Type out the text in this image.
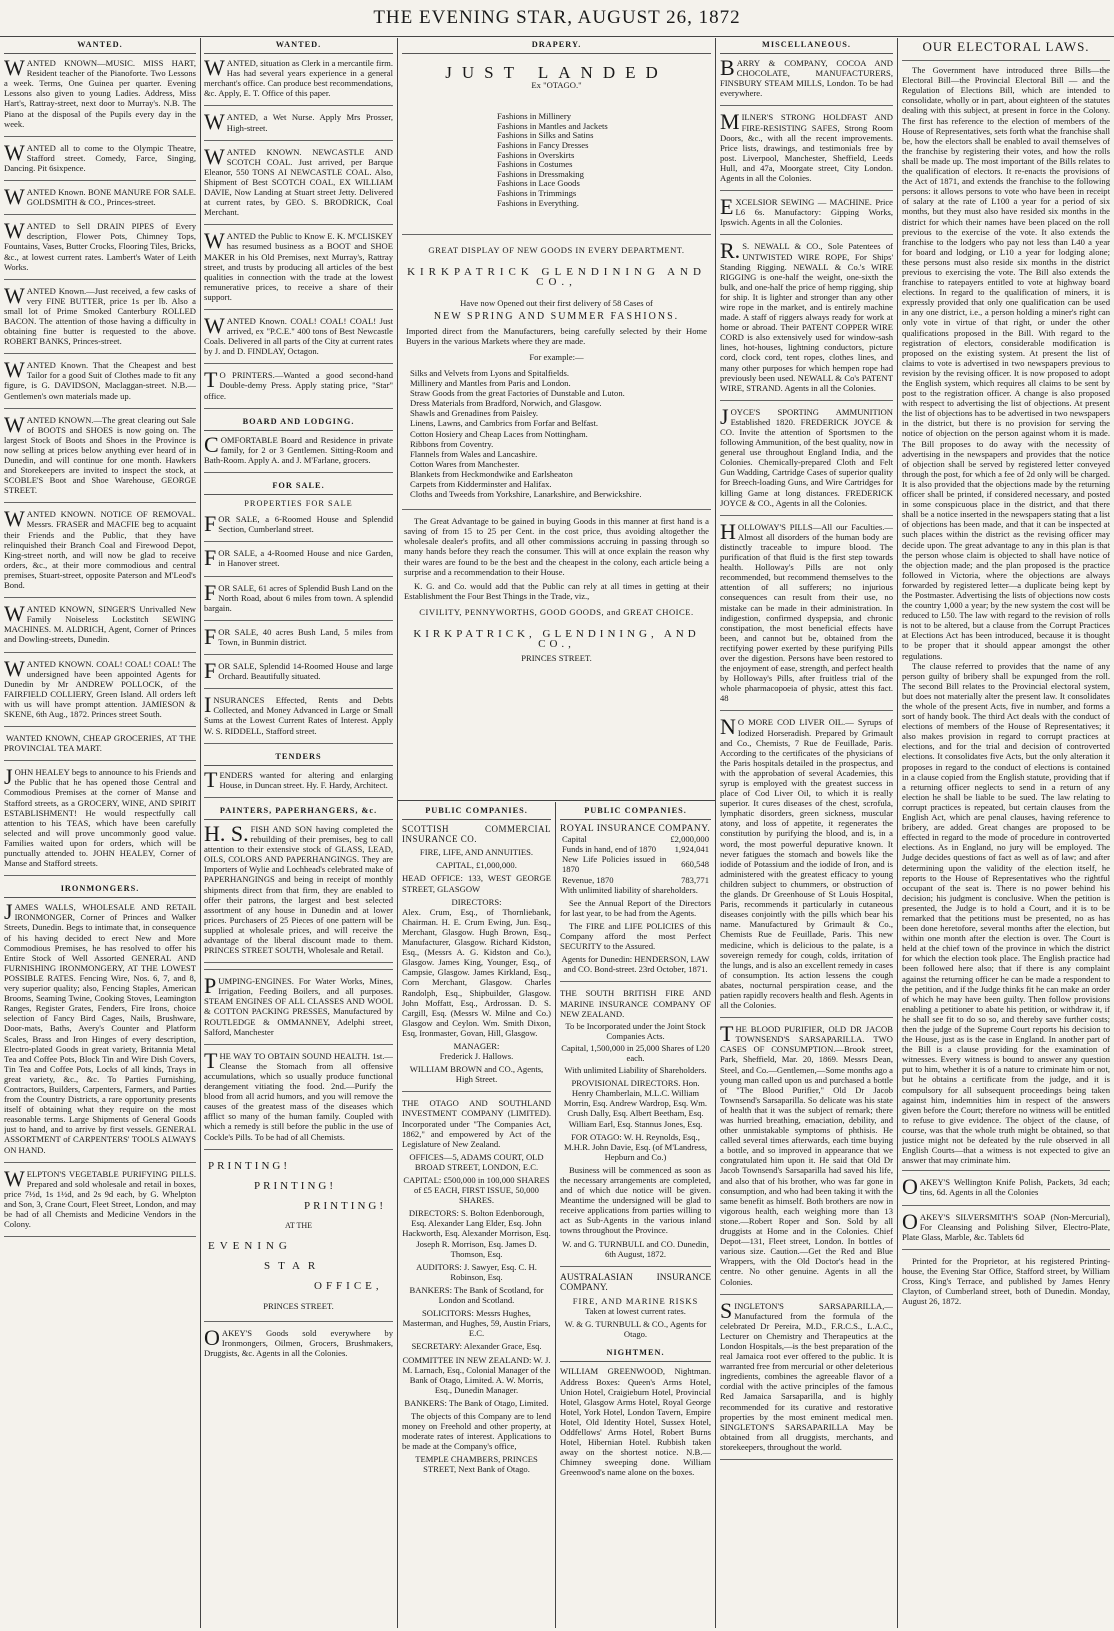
THE EVENING STAR, AUGUST 26, 1872
WANTED.
W ANTED KNOWN—MUSIC. MISS HART, Resident teacher of the Pianoforte. Two Lessons a week. Terms, One Guinea per quarter. Evening Lessons also given to young Ladies. Address, Miss Hart's, Rattray-street, next door to Murray's. N.B. The Piano at the disposal of the Pupils every day in the week.

W ANTED all to come to the Olympic Theatre, Stafford street. Comedy, Farce, Singing, Dancing. Pit 6sixpence.

W ANTED Known. BONE MANURE FOR SALE. GOLDSMITH & CO., Princes-street.

W ANTED to Sell DRAIN PIPES of Every description, Flower Pots, Chimney Tops, Fountains, Vases, Butter Crocks, Flooring Tiles, Bricks, &c., at lowest current rates. Lambert's Water of Leith Works.

W ANTED Known.—Just received, a few casks of very FINE BUTTER, price 1s per lb. Also a small lot of Prime Smoked Canterbury ROLLED BACON. The attention of those having a difficulty in obtaining fine butter is requested to the above. ROBERT BANKS, Princes-street.

W ANTED Known. That the Cheapest and best Tailor for a good Suit of Clothes made to fit any figure, is G. DAVIDSON, Maclaggan-street. N.B.—Gentlemen's own materials made up.

W ANTED KNOWN.—The great clearing out Sale of BOOTS and SHOES is now going on. The largest Stock of Boots and Shoes in the Province is now selling at prices below anything ever heard of in Dunedin, and will continue for one month. Hawkers and Storekeepers are invited to inspect the stock, at SCOBLE'S Boot and Shoe Warehouse, GEORGE STREET.

W ANTED KNOWN. NOTICE OF REMOVAL. Messrs. FRASER and MACFIE beg to acquaint their Friends and the Public, that they have relinquished their Branch Coal and Firewood Depot, King-street north, and will now be glad to receive orders, &c., at their more commodious and central premises, Stuart-street, opposite Paterson and M'Leod's Bond.

W ANTED KNOWN, SINGER'S Unrivalled New Family Noiseless Lockstitch SEWING MACHINES. M. ALDRICH, Agent, Corner of Princes and Dowling-streets, Dunedin.

W ANTED KNOWN. COAL! COAL! COAL! The undersigned have been appointed Agents for Dunedin by Mr ANDREW POLLOCK, of the FAIRFIELD COLLIERY, Green Island. All orders left with us will have prompt attention. JAMIESON & SKENE, 6th Aug., 1872. Princes street South.

WANTED KNOWN, CHEAP GROCERIES, AT THE PROVINCIAL TEA MART.

J OHN HEALEY begs to announce to his Friends and the Public that he has opened those Central and Commodious Premises at the corner of Manse and Stafford streets, as a GROCERY, WINE, AND SPIRIT ESTABLISHMENT! He would respectfully call attention to his TEAS, which have been carefully selected and will prove uncommonly good value. Families waited upon for orders, which will be punctually attended to. JOHN HEALEY, Corner of Manse and Stafford streets.

IRONMONGERS.
J AMES WALLS, WHOLESALE AND RETAIL IRONMONGER, Corner of Princes and Walker Streets, Dunedin. Begs to intimate that, in consequence of his having decided to erect New and More Commodious Premises, he has resolved to offer his Entire Stock of Well Assorted GENERAL AND FURNISHING IRONMONGERY, AT THE LOWEST POSSIBLE RATES. Fencing Wire, Nos. 6, 7, and 8, very superior quality; also, Fencing Staples, American Brooms, Seaming Twine, Cooking Stoves, Leamington Ranges, Register Grates, Fenders, Fire Irons, choice selection of Fancy Bird Cages, Nails, Brushware, Door-mats, Baths, Avery's Counter and Platform Scales, Brass and Iron Hinges of every description, Electro-plated Goods in great variety, Britannia Metal Tea and Coffee Pots, Block Tin and Wire Dish Covers, Tin Tea and Coffee Pots, Locks of all kinds, Trays in great variety, &c., &c. To Parties Furnishing, Contractors, Builders, Carpenters, Farmers, and Parties from the Country Districts, a rare opportunity presents itself of obtaining what they require on the most reasonable terms. Large Shipments of General Goods just to hand, and to arrive by first vessels. GENERAL ASSORTMENT of CARPENTERS' TOOLS ALWAYS ON HAND.

W ELPTON'S VEGETABLE PURIFYING PILLS. Prepared and sold wholesale and retail in boxes, price 7½d, 1s 1½d, and 2s 9d each, by G. Whelpton and Son, 3, Crane Court, Fleet Street, London, and may be had of all Chemists and Medicine Vendors in the Colony.

WANTED.
W ANTED, situation as Clerk in a mercantile firm. Has had several years experience in a general merchant's office. Can produce best recommendations, &c. Apply, E. T. Office of this paper.

W ANTED, a Wet Nurse. Apply Mrs Prosser, High-street.

W ANTED KNOWN. NEWCASTLE AND SCOTCH COAL. Just arrived, per Barque Eleanor, 550 TONS AI NEWCASTLE COAL. Also, Shipment of Best SCOTCH COAL, EX WILLIAM DAVIE, Now Landing at Stuart street Jetty. Delivered at current rates, by GEO. S. BRODRICK, Coal Merchant.

W ANTED the Public to Know E. K. M'CLISKEY has resumed business as a BOOT and SHOE MAKER in his Old Premises, next Murray's, Rattray street, and trusts by producing all articles of the best qualities in connection with the trade at the lowest remunerative prices, to receive a share of their support.

W ANTED Known. COAL! COAL! COAL! Just arrived, ex "P.C.E." 400 tons of Best Newcastle Coals. Delivered in all parts of the City at current rates by J. and D. FINDLAY, Octagon.

T O PRINTERS.—Wanted a good second-hand Double-demy Press. Apply stating price, "Star" office.

BOARD AND LODGING.
C OMFORTABLE Board and Residence in private family, for 2 or 3 Gentlemen. Sitting-Room and Bath-Room. Apply A. and J. M'Farlane, grocers.

FOR SALE.
PROPERTIES FOR SALE
F OR SALE, a 6-Roomed House and Splendid Section, Cumberland street.

F OR SALE, a 4-Roomed House and nice Garden, in Hanover street.

F OR SALE, 61 acres of Splendid Bush Land on the North Road, about 6 miles from town. A splendid bargain.

F OR SALE, 40 acres Bush Land, 5 miles from Town, in Bunmin district.

F OR SALE, Splendid 14-Roomed House and large Orchard. Beautifully situated.

I NSURANCES Effected, Rents and Debts Collected, and Money Advanced in Large or Small Sums at the Lowest Current Rates of Interest. Apply W. S. RIDDELL, Stafford street.

TENDERS
T ENDERS wanted for altering and enlarging House, in Duncan street. Hy. F. Hardy, Architect.

PAINTERS, PAPERHANGERS, &c.
H. S. FISH AND SON having completed the rebuilding of their premises, beg to call attention to their extensive stock of GLASS, LEAD, OILS, COLORS AND PAPERHANGINGS. They are Importers of Wylie and Lochhead's celebrated make of PAPERHANGINGS and being in receipt of monthly shipments direct from that firm, they are enabled to offer their patrons, the largest and best selected assortment of any house in Dunedin and at lower prices. Purchasers of 25 Pieces of one pattern will be supplied at wholesale prices, and will receive the advantage of the liberal discount made to them. PRINCES STREET SOUTH, Wholesale and Retail.

P UMPING-ENGINES. For Water Works, Mines, Irrigation, Feeding Boilers, and all purposes. STEAM ENGINES OF ALL CLASSES AND WOOL & COTTON PACKING PRESSES, Manufactured by ROUTLEDGE & OMMANNEY, Adelphi street, Salford, Manchester

T HE WAY TO OBTAIN SOUND HEALTH. 1st.—Cleanse the Stomach from all offensive accumulations, which so usually produce functional derangement vitiating the food. 2nd.—Purify the blood from all acrid humors, and you will remove the causes of the greatest mass of the diseases which afflict so many of the human family. Coupled with which a remedy is still before the public in the use of Cockle's Pills. To be had of all Chemists.

PRINTING!
PRINTING!
PRINTING!
AT THE
EVENING
STAR
OFFICE,
PRINCES STREET.
O AKEY'S Goods sold everywhere by Ironmongers, Oilmen, Grocers, Brushmakers, Druggists, &c. Agents in all the Colonies.

DRAPERY.
JUST LANDED
Ex "OTAGO."
Fashions in Millinery
Fashions in Mantles and Jackets
Fashions in Silks and Satins
Fashions in Fancy Dresses
Fashions in Overskirts
Fashions in Costumes
Fashions in Dressmaking
Fashions in Lace Goods
Fashions in Trimmings
Fashions in Everything.
GREAT DISPLAY OF NEW GOODS IN EVERY DEPARTMENT.
KIRKPATRICK GLENDINING AND CO.,
Have now Opened out their first delivery of 58 Cases of
NEW SPRING AND SUMMER FASHIONS.
Imported direct from the Manufacturers, being carefully selected by their Home Buyers in the various Markets where they are made.
For example:—
Silks and Velvets from Lyons and Spitalfields.
Millinery and Mantles from Paris and London.
Straw Goods from the great Factories of Dunstable and Luton.
Dress Materials from Bradford, Norwich, and Glasgow.
Shawls and Grenadines from Paisley.
Linens, Lawns, and Cambrics from Forfar and Belfast.
Cotton Hosiery and Cheap Laces from Nottingham.
Ribbons from Coventry.
Flannels from Wales and Lancashire.
Cotton Wares from Manchester.
Blankets from Heckmondwike and Earlsheaton
Carpets from Kidderminster and Halifax.
Cloths and Tweeds from Yorkshire, Lanarkshire, and Berwickshire.
The Great Advantage to be gained in buying Goods in this manner at first hand is a saving of from 15 to 25 per Cent. in the cost price, thus avoiding altogether the wholesale dealer's profits, and all other commissions accruing in passing through so many hands before they reach the consumer. This will at once explain the reason why their wares are found to be the best and the cheapest in the colony, each article being a surprise and a recommendation to their House.
K. G. and Co. would add that the Public can rely at all times in getting at their Establishment the Four Best Things in the Trade, viz.,
CIVILITY, PENNYWORTHS, GOOD GOODS, and GREAT CHOICE.
KIRKPATRICK, GLENDINING, AND CO.,
PRINCES STREET.
PUBLIC COMPANIES.

SCOTTISH COMMERCIAL INSURANCE CO.

FIRE, LIFE, AND ANNUITIES.

CAPITAL, £1,000,000.

HEAD OFFICE: 133, WEST GEORGE STREET, GLASGOW

DIRECTORS:

Alex. Crum, Esq., of Thornliebank, Chairman. H. E. Crum Ewing, Jun. Esq., Merchant, Glasgow. Hugh Brown, Esq., Manufacturer, Glasgow. Richard Kidston, Esq., (Messrs A. G. Kidston and Co.), Glasgow. James King, Younger, Esq., of Campsie, Glasgow. James Kirkland, Esq., Corn Merchant, Glasgow. Charles Randolph, Esq., Shipbuilder, Glasgow. John Moffatt, Esq., Ardrossan. D. S. Cargill, Esq. (Messrs W. Milne and Co.) Glasgow and Ceylon. Wm. Smith Dixon, Esq, Ironmaster, Govan, Hill, Glasgow.

MANAGER:

Frederick J. Hallows.

WILLIAM BROWN and CO., Agents, High Street.

THE OTAGO AND SOUTHLAND INVESTMENT COMPANY (LIMITED). Incorporated under "The Companies Act, 1862," and empowered by Act of the Legislature of New Zealand.

OFFICES—5, ADAMS COURT, OLD BROAD STREET, LONDON, E.C.

CAPITAL: £500,000 in 100,000 SHARES of £5 EACH, FIRST ISSUE, 50,000 SHARES.

DIRECTORS: S. Bolton Edenborough, Esq. Alexander Lang Elder, Esq. John Hackworth, Esq. Alexander Morrison, Esq. Joseph R. Morrison, Esq. James D. Thomson, Esq.

AUDITORS: J. Sawyer, Esq. C. H. Robinson, Esq.

BANKERS: The Bank of Scotland, for London and Scotland.

SOLICITORS: Messrs Hughes, Masterman, and Hughes, 59, Austin Friars, E.C.

SECRETARY: Alexander Grace, Esq.

COMMITTEE IN NEW ZEALAND: W. J. M. Larnach, Esq., Colonial Manager of the Bank of Otago, Limited. A. W. Morris, Esq., Dunedin Manager.

BANKERS: The Bank of Otago, Limited.

The objects of this Company are to lend money on Freehold and other property, at moderate rates of interest. Applications to be made at the Company's office,

TEMPLE CHAMBERS, PRINCES STREET, Next Bank of Otago.

PUBLIC COMPANIES.

ROYAL INSURANCE COMPANY.

Capital	£2,000,000
Funds in hand, end of 1870	1,924,041
New Life Policies issued in 1870	660,548
Revenue, 1870	783,771

With unlimited liability of shareholders.

See the Annual Report of the Directors for last year, to be had from the Agents.

The FIRE and LIFE POLICIES of this Company afford the most Perfect SECURITY to the Assured.

Agents for Dunedin: HENDERSON, LAW and CO. Bond-street. 23rd October, 1871.

THE SOUTH BRITISH FIRE AND MARINE INSURANCE COMPANY OF NEW ZEALAND.

To be Incorporated under the Joint Stock Companies Acts.

Capital, 1,500,000 in 25,000 Shares of L20 each.

With unlimited Liability of Shareholders.

PROVISIONAL DIRECTORS. Hon. Henry Chamberlain, M.L.C. William Morrin, Esq. Andrew Wardrop, Esq. Wm. Crush Dally, Esq. Albert Beetham, Esq. William Earl, Esq. Stannus Jones, Esq.

FOR OTAGO: W. H. Reynolds, Esq., M.H.R. John Davie, Esq. (of M'Landress, Hepburn and Co.)

Business will be commenced as soon as the necessary arrangements are completed, and of which due notice will be given. Meantime the undersigned will be glad to receive applications from parties willing to act as Sub-Agents in the various inland towns throughout the Province.

W. and G. TURNBULL and CO. Dunedin, 6th August, 1872.

AUSTRALASIAN INSURANCE COMPANY.

FIRE, AND MARINE RISKS

Taken at lowest current rates.

W. & G. TURNBULL & CO., Agents for Otago.

NIGHTMEN.

WILLIAM GREENWOOD, Nightman. Address Boxes: Queen's Arms Hotel, Union Hotel, Craigieburn Hotel, Provincial Hotel, Glasgow Arms Hotel, Royal George Hotel, York Hotel, London Tavern, Empire Hotel, Old Identity Hotel, Sussex Hotel, Oddfellows' Arms Hotel, Robert Burns Hotel, Hibernian Hotel. Rubbish taken away on the shortest notice. N.B.—Chimney sweeping done. William Greenwood's name alone on the boxes.

MISCELLANEOUS.
B ARRY & COMPANY, COCOA AND CHOCOLATE, MANUFACTURERS, FINSBURY STEAM MILLS, London. To be had everywhere.

M ILNER'S STRONG HOLDFAST AND FIRE-RESISTING SAFES, Strong Room Doors, &c., with all the recent improvements. Price lists, drawings, and testimonials free by post. Liverpool, Manchester, Sheffield, Leeds Hull, and 47a, Moorgate street, City London. Agents in all the Colonies.

E XCELSIOR SEWING — MACHINE. Price L6 6s. Manufactory: Gipping Works, Ipswich. Agents in all the Colonies.

R. S. NEWALL & CO., Sole Patentees of UNTWISTED WIRE ROPE, For Ships' Standing Rigging. NEWALL & Co.'s WIRE RIGGING is one-half the weight, one-sixth the bulk, and one-half the price of hemp rigging, ship for ship. It is lighter and stronger than any other wire rope in the market, and is entirely machine made. A staff of riggers always ready for work at home or abroad. Their PATENT COPPER WIRE CORD is also extensively used for window-sash lines, hot-houses, lightning conductors, picture cord, clock cord, tent ropes, clothes lines, and many other purposes for which hempen rope had previously been used. NEWALL & Co's PATENT WIRE, STRAND. Agents in all the Colonies.

J OYCE'S SPORTING AMMUNITION Established 1820. FREDERICK JOYCE & CO. Invite the attention of Sportsmen to the following Ammunition, of the best quality, now in general use throughout England India, and the Colonies. Chemically-prepared Cloth and Felt Gun Wadding, Cartridge Cases of superior quality for Breech-loading Guns, and Wire Cartridges for killing Game at long distances. FREDERICK JOYCE & CO., Agents in all the Colonies.

H OLLOWAY'S PILLS—All our Faculties.—Almost all disorders of the human body are distinctly traceable to impure blood. The purification of that fluid is the first step towards health. Holloway's Pills are not only recommended, but recommend themselves to the attention of all sufferers; no injurious consequences can result from their use, no mistake can be made in their administration. In indigestion, confirmed dyspepsia, and chronic constipation, the most beneficial effects have been, and cannot but be, obtained from the rectifying power exerted by these purifying Pills over the digestion. Persons have been restored to the enjoyment of ease, strength, and perfect health by Holloway's Pills, after fruitless trial of the whole pharmacopoeia of physic, attest this fact. 48

N O MORE COD LIVER OIL.— Syrups of Iodized Horseradish. Prepared by Grimault and Co., Chemists, 7 Rue de Feuillade, Paris. According to the certificates of the physicians of the Paris hospitals detailed in the prospectus, and with the approbation of several Academies, this syrup is employed with the greatest success in place of Cod Liver Oil, to which it is really superior. It cures diseases of the chest, scrofula, lymphatic disorders, green sickness, muscular atony, and loss of appetite, it regenerates the constitution by purifying the blood, and is, in a word, the most powerful depurative known. It never fatigues the stomach and bowels like the iodide of Potassium and the iodide of Iron, and is administered with the greatest efficacy to young children subject to chummers, or obstruction of the glands. Dr Greenhouse of St Louis Hospital, Paris, recommends it particularly in cutaneous diseases conjointly with the pills which bear his name. Manufactured by Grimault & Co., Chemists Rue de Feuillade, Paris. This new medicine, which is delicious to the palate, is a sovereign remedy for cough, colds, irritation of the lungs, and is also an excellent remedy in cases of consumption. Its action lessens the cough abates, nocturnal perspiration cease, and the patien rapidly recovers health and flesh. Agents in all the Colonies.

T HE BLOOD PURIFIER, OLD DR JACOB TOWNSEND'S SARSAPARILLA. TWO CASES OF CONSUMPTION.—Brook street, Park, Sheffield, Mar. 20, 1869. Messrs Dean, Steel, and Co.—Gentlemen,—Some months ago a young man called upon us and purchased a bottle of "The Blood Purifier," Old Dr Jacob Townsend's Sarsaparilla. So delicate was his state of health that it was the subject of remark; there was hurried breathing, emaciation, debility, and other unmistakable symptoms of phthisis. He called several times afterwards, each time buying a bottle, and so improved in appearance that we congratulated him upon it. He said that Old Dr Jacob Townsend's Sarsaparilla had saved his life, and also that of his brother, who was far gone in consumption, and who had been taking it with the same benefit as himself. Both brothers are now in vigorous health, each weighing more than 13 stone.—Robert Roper and Son. Sold by all druggists at Home and in the Colonies. Chief Depot—131, Fleet street, London. In bottles of various size. Caution.—Get the Red and Blue Wrappers, with the Old Doctor's head in the centre. No other genuine. Agents in all the Colonies.

S INGLETON'S SARSAPARILLA,—Manufactured from the formula of the celebrated Dr Pereira, M.D., F.R.C.S., L.A.C., Lecturer on Chemistry and Therapeutics at the London Hospitals,—is the best preparation of the real Jamaica root ever offered to the public. It is warranted free from mercurial or other deleterious ingredients, combines the agreeable flavor of a cordial with the active principles of the famous Red Jamaica Sarsaparilla, and is highly recommended for its curative and restorative properties by the most eminent medical men. SINGLETON'S SARSAPARILLA May be obtained from all druggists, merchants, and storekeepers, throughout the world.

OUR ELECTORAL LAWS.

The Government have introduced three Bills—the Electoral Bill—the Provincial Electoral Bill — and the Regulation of Elections Bill, which are intended to consolidate, wholly or in part, about eighteen of the statutes dealing with this subject, at present in force in the Colony. The first has reference to the election of members of the House of Representatives, sets forth what the franchise shall be, how the electors shall be enabled to avail themselves of the franchise by registering their votes, and how the rolls shall be made up. The most important of the Bills relates to the qualification of electors. It re-enacts the provisions of the Act of 1871, and extends the franchise to the following persons: it allows persons to vote who have been in receipt of salary at the rate of L100 a year for a period of six months, but they must also have resided six months in the district for which their names have been placed on the roll previous to the exercise of the vote. It also extends the franchise to the lodgers who pay not less than L40 a year for board and lodging, or L10 a year for lodging alone; these persons must also reside six months in the district previous to exercising the vote. The Bill also extends the franchise to ratepayers entitled to vote at highway board elections. In regard to the qualification of miners, it is expressly provided that only one qualification can be used in any one district, i.e., a person holding a miner's right can only vote in virtue of that right, or under the other qualifications proposed in the Bill. With regard to the registration of electors, considerable modification is proposed on the existing system. At present the list of claims to vote is advertised in two newspapers previous to revision by the revising officer. It is now proposed to adopt the English system, which requires all claims to be sent by post to the registration officer. A change is also proposed with respect to advertising the list of objections. At present the list of objections has to be advertised in two newspapers in the district, but there is no provision for serving the notice of objection on the person against whom it is made. The Bill proposes to do away with the necessity of advertising in the newspapers and provides that the notice of objection shall be served by registered letter conveyed through the post, for which a fee of 2d only will be charged. It is also provided that the objections made by the returning officer shall be printed, if considered necessary, and posted in some conspicuous place in the district, and that there shall be a notice inserted in the newspapers stating that a list of objections has been made, and that it can be inspected at such places within the district as the revising officer may decide upon. The great advantage to any in this plan is that the person whose claim is objected to shall have notice of the objection made; and the plan proposed is the practice followed in Victoria, where the objections are always forwarded by registered letter—a duplicate being kept by the Postmaster. Advertising the lists of objections now costs the country 1,000 a year; by the new system the cost will be reduced to L50. The law with regard to the revision of rolls is not to be altered, but a clause from the Corrupt Practices at Elections Act has been introduced, because it is thought to be proper that it should appear amongst the other regulations.

The clause referred to provides that the name of any person guilty of bribery shall be expunged from the roll. The second Bill relates to the Provincial electoral system, but does not materially alter the present law. It consolidates the whole of the present Acts, five in number, and forms a sort of handy book. The third Act deals with the conduct of elections of members of the House of Representatives; it also makes provision in regard to corrupt practices at elections, and for the trial and decision of controverted elections. It consolidates five Acts, but the only alteration it proposes in regard to the conduct of elections is contained in a clause copied from the English statute, providing that if a returning officer neglects to send in a return of any election he shall be liable to be sued. The law relating to corrupt practices is repeated, but certain clauses from the English Act, which are penal clauses, having reference to bribery, are added. Great changes are proposed to be effected in regard to the mode of procedure in controverted elections. As in England, no jury will be employed. The Judge decides questions of fact as well as of law; and after determining upon the validity of the election itself, he reports to the House of Representatives who the rightful occupant of the seat is. There is no power behind his decision; his judgment is conclusive. When the petition is presented, the Judge is to hold a Court, and it is to be remarked that the petitions must be presented, no as has been done heretofore, several months after the election, but within one month after the election is over. The Court is held at the chief town of the province in which the district for which the election took place. The English practice had been followed here also; that if there is any complaint against the returning officer he can be made a respondent to the petition, and if the Judge thinks fit he can make an order of which he may have been guilty. Then follow provisions enabling a petitioner to abate his petition, or withdraw it, if he shall see fit to do so so, and thereby save further costs; then the judge of the Supreme Court reports his decision to the House, just as is the case in England. In another part of the Bill is a clause providing for the examination of witnesses. Every witness is bound to answer any question put to him, whether it is of a nature to criminate him or not, but he obtains a certificate from the judge, and it is compulsory for all subsequent proceedings being taken against him, indemnities him in respect of the answers given before the Court; therefore no witness will be entitled to refuse to give evidence. The object of the clause, of course, was that the whole truth might be obtained, so that justice might not be defeated by the rule observed in all English Courts—that a witness is not expected to give an answer that may criminate him.

O AKEY'S Wellington Knife Polish, Packets, 3d each; tins, 6d. Agents in all the Colonies

O AKEY'S SILVERSMITH'S SOAP (Non-Mercurial), For Cleansing and Polishing Silver, Electro-Plate, Plate Glass, Marble, &c. Tablets 6d

Printed for the Proprietor, at his registered Printing-house, the Evening Star Office, Stafford street, by William Cross, King's Terrace, and published by James Henry Clayton, of Cumberland street, both of Dunedin. Monday, August 26, 1872.
